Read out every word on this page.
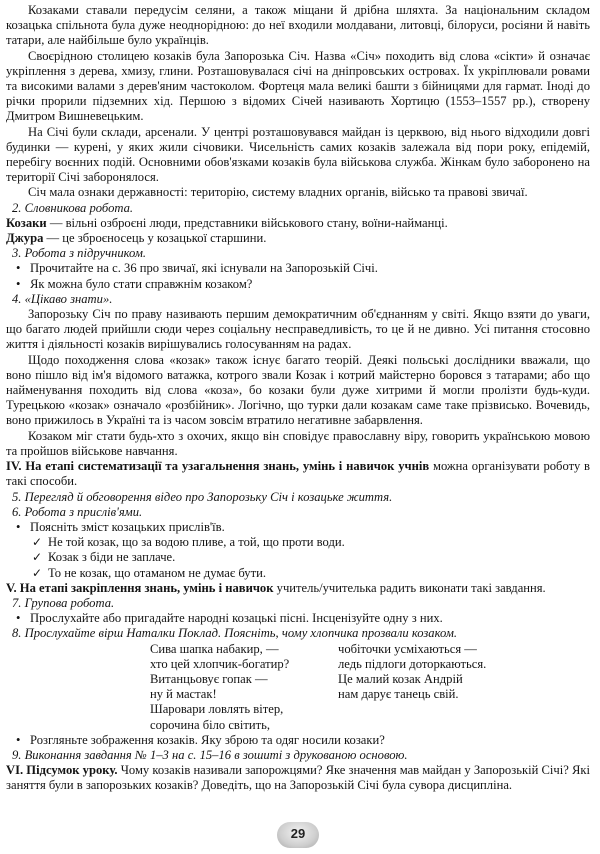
Козаками ставали передусім селяни, а також міщани й дрібна шляхта. За національним складом козацька спільнота була дуже неоднорідною: до неї входили молдавани, литовці, білоруси, росіяни й навіть татари, але найбільше було українців.

Своєрідною столицею козаків була Запорозька Січ. Назва «Січ» походить від слова «сікти» й означає укріплення з дерева, хмизу, глини. Розташовувалася січі на дніпровських островах. Їх укріплювали ровами та високими валами з дерев'яним частоколом. Фортеця мала великі башти з бійницями для гармат. Іноді до річки прорили підземних хід. Першою з відомих Січей називають Хортицю (1553–1557 рр.), створену Дмитром Вишневецьким.

На Січі були склади, арсенали. У центрі розташовувався майдан із церквою, від нього відходили довгі будинки — курені, у яких жили січовики. Чисельність самих козаків залежала від пори року, епідемій, перебігу воєнних подій. Основними обов'язками козаків була військова служба. Жінкам було заборонено на території Січі заборонялося.

Січ мала ознаки державності: територію, систему владних органів, військо та правові звичаї.

2. Словникова робота.

Козаки — вільні озброєні люди, представники військового стану, воїни-найманці.

Джура — це зброєносець у козацької старшини.

3. Робота з підручником.

• Прочитайте на с. 36 про звичаї, які існували на Запорозькій Січі.

• Як можна було стати справжнім козаком?

4. «Цікаво знати».

Запорозьку Січ по праву називають першим демократичним об'єднанням у світі. Якщо взяти до уваги, що багато людей прийшли сюди через соціальну несправедливість, то це й не дивно. Усі питання стосовно життя і діяльності козаків вирішувались голосуванням на радах.

Щодо походження слова «козак» також існує багато теорій. Деякі польські дослідники вважали, що воно пішло від ім'я відомого ватажка, котрого звали Козак і котрий майстерно боровся з татарами; або що найменування походить від слова «коза», бо козаки були дуже хитрими й могли пролізти будь-куди. Турецькою «козак» означало «розбійник». Логічно, що турки дали козакам саме таке прізвисько. Вочевидь, воно прижилось в Україні та із часом зовсім втратило негативне забарвлення.

Козаком міг стати будь-хто з охочих, якщо він сповідує православну віру, говорить українською мовою та пройшов військове навчання.

IV. На етапі систематизації та узагальнення знань, умінь і навичок учнів можна організувати роботу в такі способи.

5. Перегляд й обговорення відео про Запорозьку Січ і козацьке життя.

6. Робота з прислів'ями.

• Поясніть зміст козацьких прислів'їв.

✓ Не той козак, що за водою пливе, а той, що проти води.

✓ Козак з біди не заплаче.

✓ То не козак, що отаманом не думає бути.

V. На етапі закріплення знань, умінь і навичок учитель/учителька радить виконати такі завдання.

7. Групова робота.

• Прослухайте або пригадайте народні козацькі пісні. Інсценізуйте одну з них.

8. Прослухайте вірш Наталки Поклад. Поясніть, чому хлопчика прозвали козаком.

Сива шапка набакир, —

хто цей хлопчик-богатир?

Витанцьовує гопак —

ну й мастак!

Шаровари ловлять вітер,

сорочина біло світить,

чобіточки усміхаються —

ледь підлоги доторкаються.

Це малий козак Андрій

нам дарує танець свій.

• Розгляньте зображення козаків. Яку зброю та одяг носили козаки?

9. Виконання завдання № 1–3 на с. 15–16 в зошиті з друкованою основою.

VI. Підсумок уроку. Чому козаків називали запорожцями? Яке значення мав майдан у Запорозькій Січі? Які заняття були в запорозьких козаків? Доведіть, що на Запорозькій Січі була сувора дисципліна.

29
